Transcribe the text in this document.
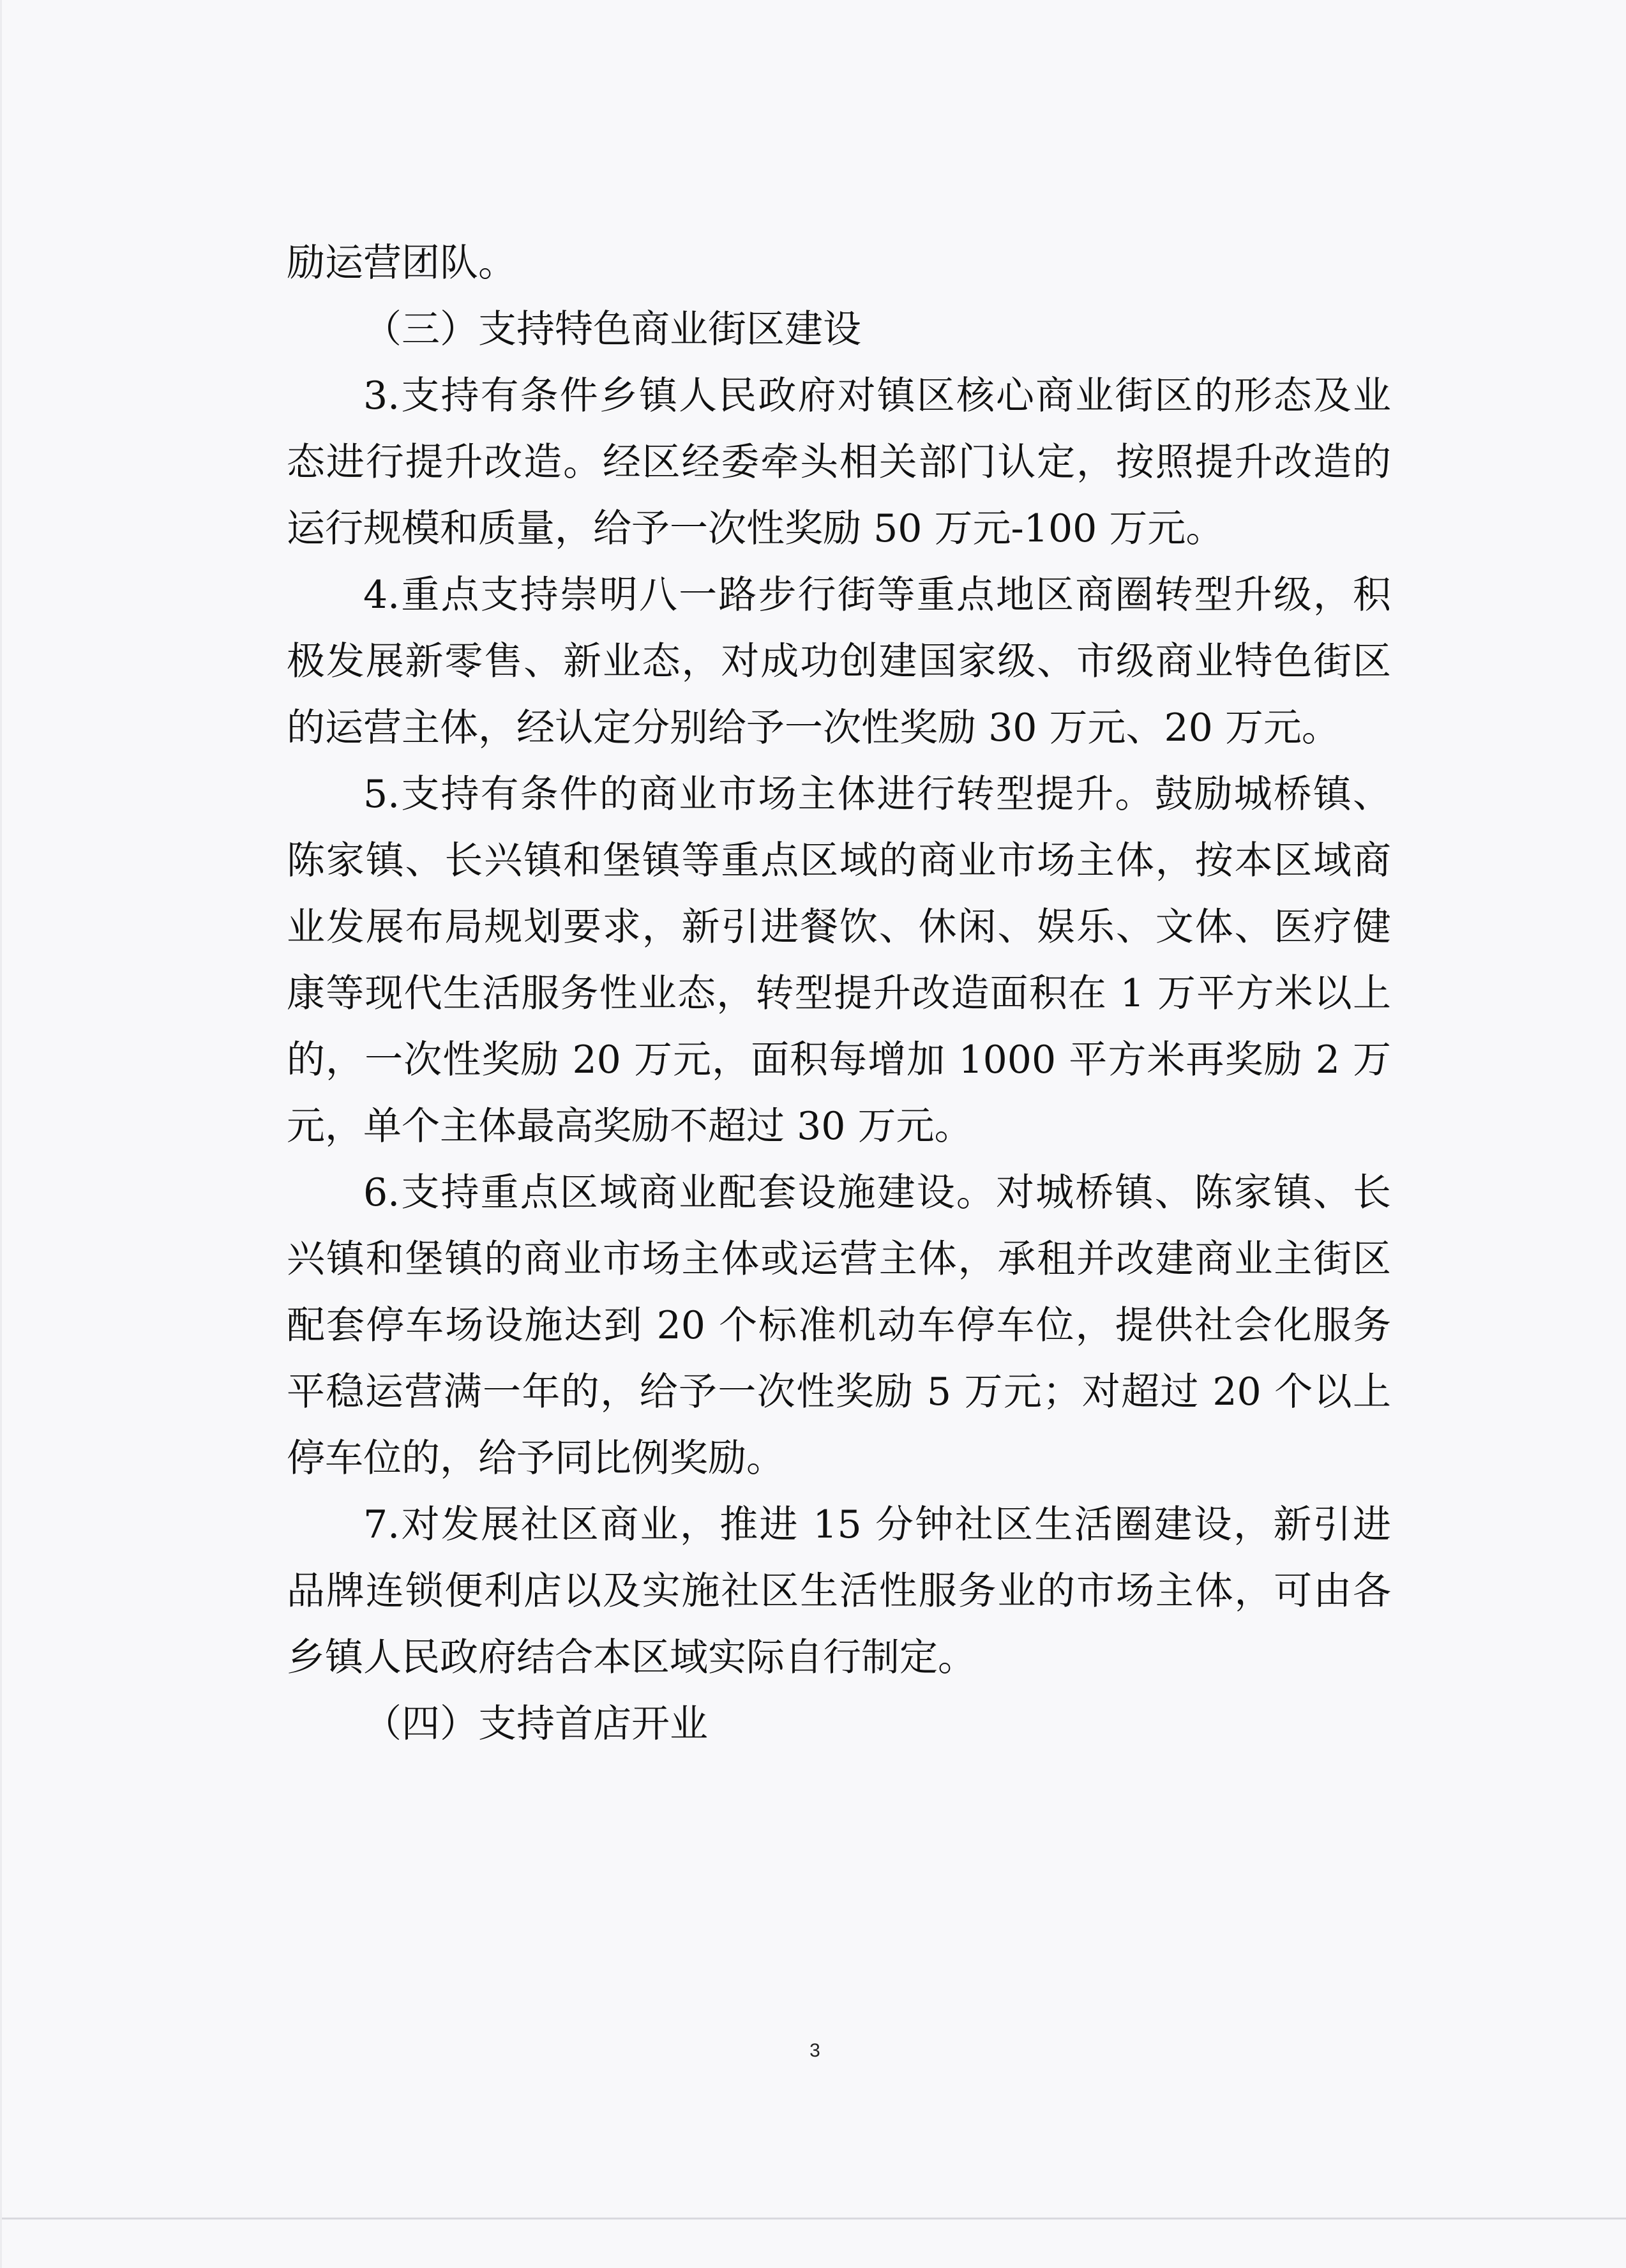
励运营团队。

（三）支持特色商业街区建设

3.支持有条件乡镇人民政府对镇区核心商业街区的形态及业态进行提升改造。经区经委牵头相关部门认定，按照提升改造的运行规模和质量，给予一次性奖励 50 万元-100 万元。

4.重点支持崇明八一路步行街等重点地区商圈转型升级，积极发展新零售、新业态，对成功创建国家级、市级商业特色街区的运营主体，经认定分别给予一次性奖励 30 万元、20 万元。

5.支持有条件的商业市场主体进行转型提升。鼓励城桥镇、陈家镇、长兴镇和堡镇等重点区域的商业市场主体，按本区域商业发展布局规划要求，新引进餐饮、休闲、娱乐、文体、医疗健康等现代生活服务性业态，转型提升改造面积在 1 万平方米以上的，一次性奖励 20 万元，面积每增加 1000 平方米再奖励 2 万元，单个主体最高奖励不超过 30 万元。

6.支持重点区域商业配套设施建设。对城桥镇、陈家镇、长兴镇和堡镇的商业市场主体或运营主体，承租并改建商业主街区配套停车场设施达到 20 个标准机动车停车位，提供社会化服务平稳运营满一年的，给予一次性奖励 5 万元；对超过 20 个以上停车位的，给予同比例奖励。

7.对发展社区商业，推进 15 分钟社区生活圈建设，新引进品牌连锁便利店以及实施社区生活性服务业的市场主体，可由各乡镇人民政府结合本区域实际自行制定。

（四）支持首店开业

3
